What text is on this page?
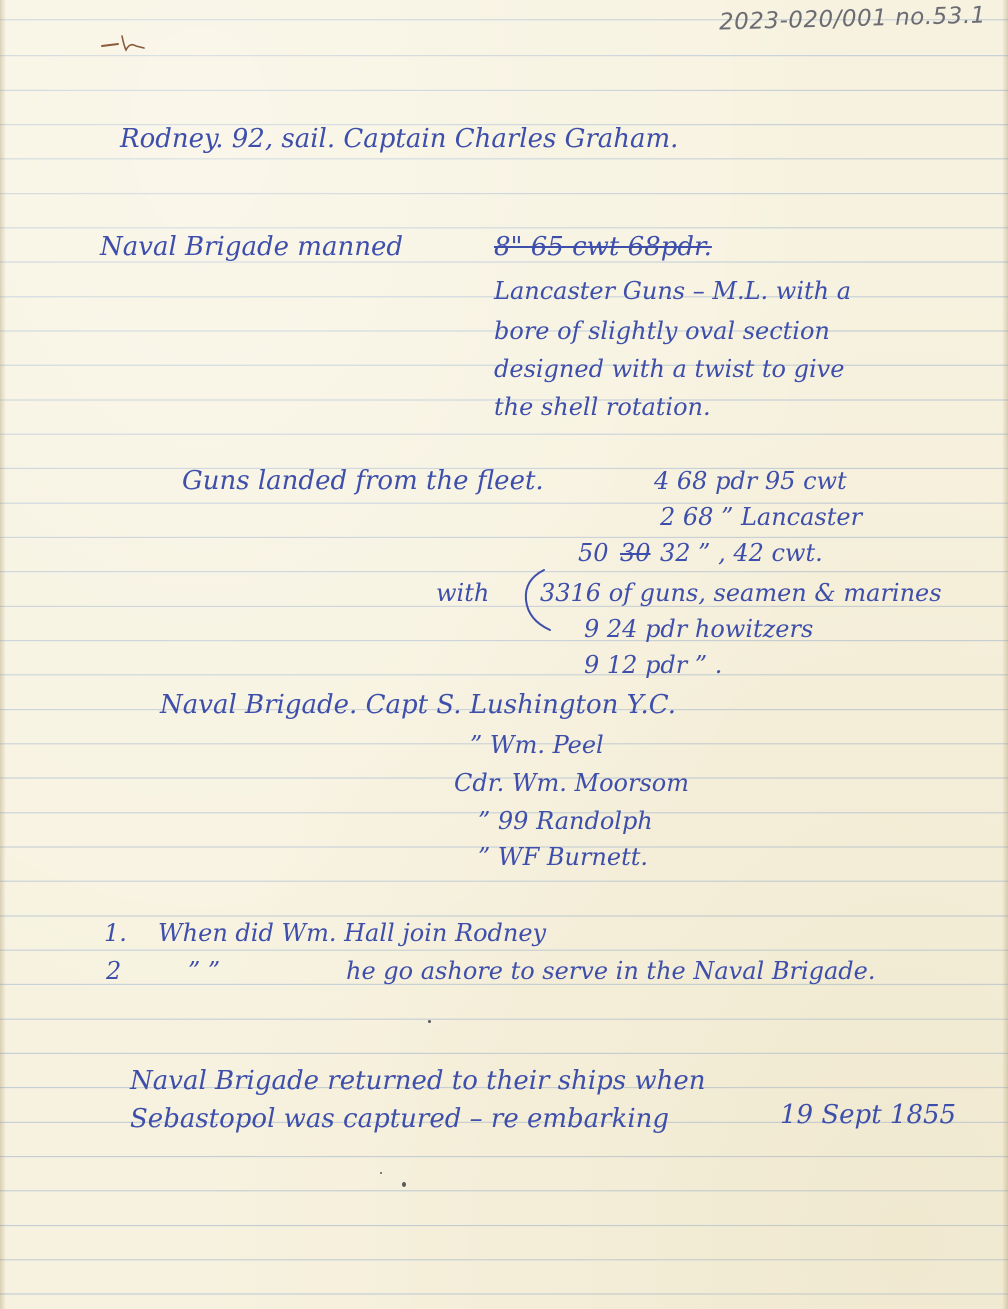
2023-020/001 no.53.1
Rodney. 92, sail. Captain Charles Graham.
Naval Brigade manned	8" 65 cwt 68pdr.
Lancaster Guns – M.L. with a
bore of slightly oval section
designed with a twist to give
the shell rotation.
Guns landed from the fleet.	4 68 pdr 95 cwt
2 68 ” Lancaster
50 30 32 ” , 42 cwt.
with 3316 of guns, seamen & marines
9 24 pdr howitzers
9 12 pdr ” .
Naval Brigade. Capt S. Lushington Y.C.
” Wm. Peel
Cdr. Wm. Moorsom
” 99 Randolph
” WF Burnett.
1. When did Wm. Hall join Rodney
2	” ”	he go ashore to serve in the Naval Brigade.
Naval Brigade returned to their ships when
Sebastopol was captured – re embarking	19 Sept 1855
